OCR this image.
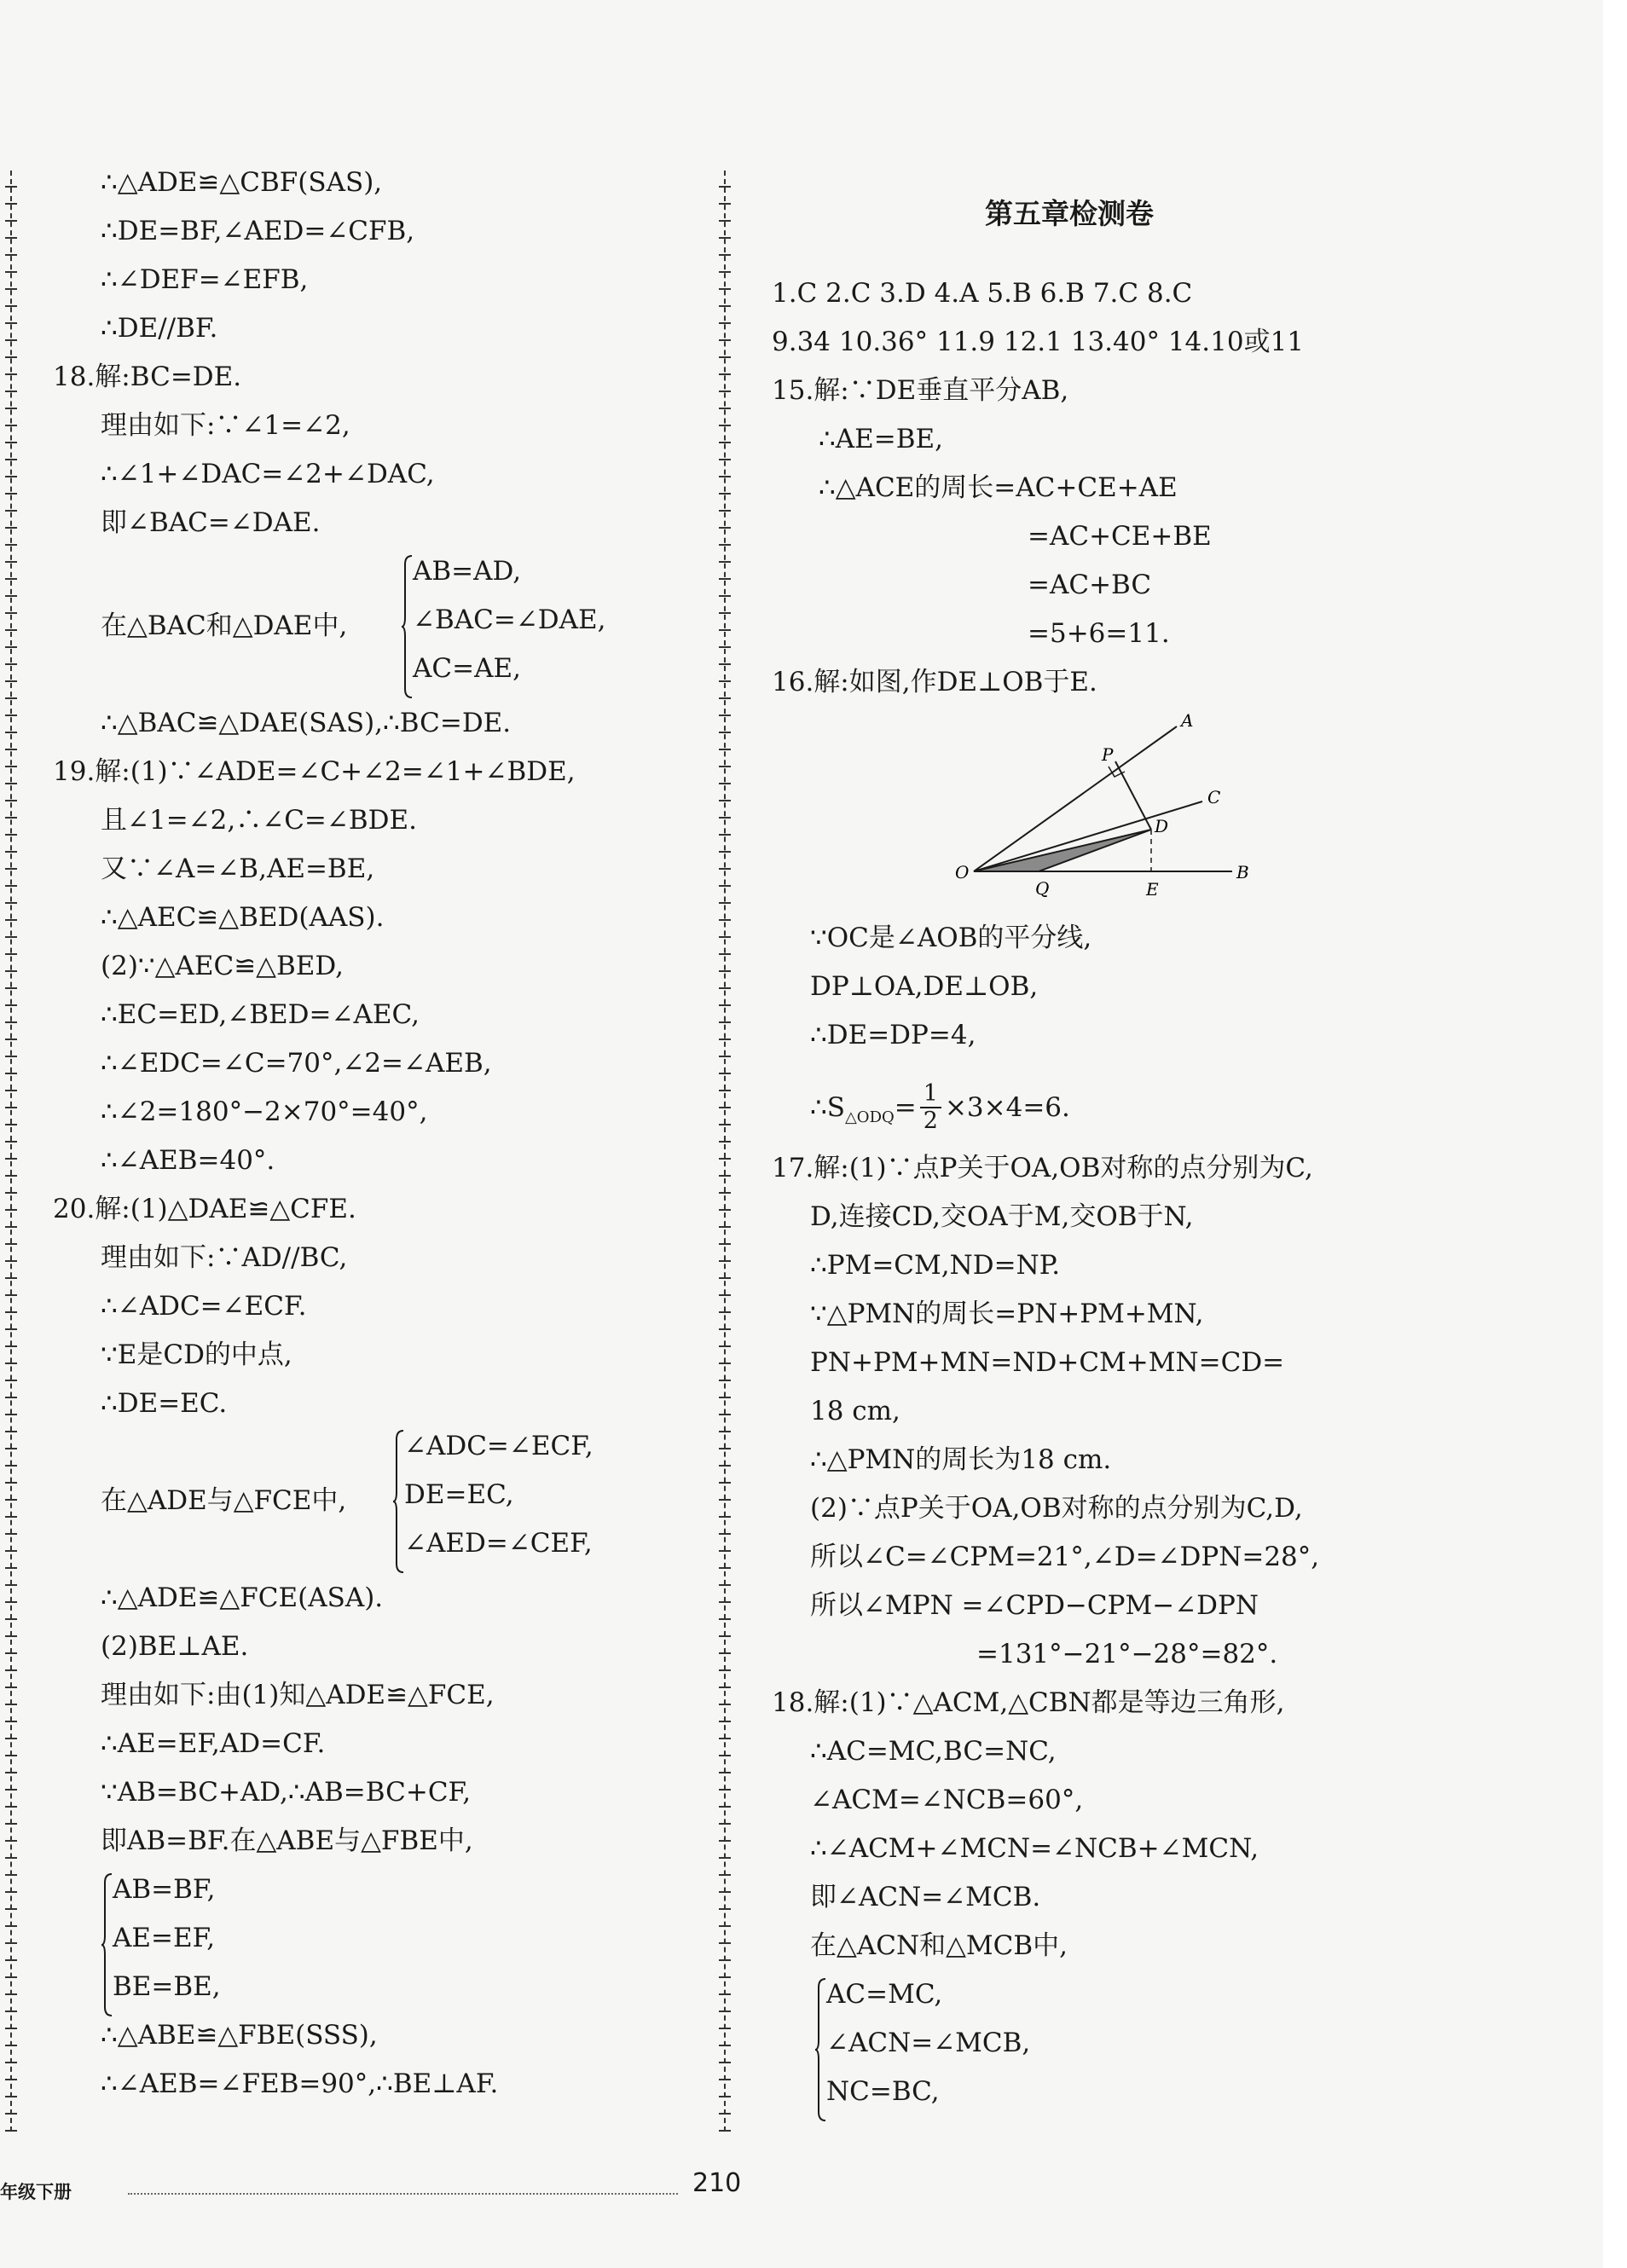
∴△ADE≌△CBF(SAS),
∴DE=BF,∠AED=∠CFB,
∴∠DEF=∠EFB,
∴DE//BF.
18.解:BC=DE.
理由如下:∵∠1=∠2,
∴∠1+∠DAC=∠2+∠DAC,
即∠BAC=∠DAE.
在△BAC和△DAE中,
AB=AD,
∠BAC=∠DAE,
AC=AE,
∴△BAC≌△DAE(SAS),∴BC=DE.
19.解:(1)∵∠ADE=∠C+∠2=∠1+∠BDE,
且∠1=∠2,∴∠C=∠BDE.
又∵∠A=∠B,AE=BE,
∴△AEC≌△BED(AAS).
(2)∵△AEC≌△BED,
∴EC=ED,∠BED=∠AEC,
∴∠EDC=∠C=70°,∠2=∠AEB,
∴∠2=180°−2×70°=40°,
∴∠AEB=40°.
20.解:(1)△DAE≌△CFE.
理由如下:∵AD//BC,
∴∠ADC=∠ECF.
∵E是CD的中点,
∴DE=EC.
在△ADE与△FCE中,
∠ADC=∠ECF,
DE=EC,
∠AED=∠CEF,
∴△ADE≌△FCE(ASA).
(2)BE⊥AE.
理由如下:由(1)知△ADE≌△FCE,
∴AE=EF,AD=CF.
∵AB=BC+AD,∴AB=BC+CF,
即AB=BF.在△ABE与△FBE中,
AB=BF,
AE=EF,
BE=BE,
∴△ABE≌△FBE(SSS),
∴∠AEB=∠FEB=90°,∴BE⊥AF.
第五章检测卷
1.C 2.C 3.D 4.A 5.B 6.B 7.C 8.C
9.34 10.36° 11.9 12.1 13.40° 14.10或11
15.解:∵DE垂直平分AB,
∴AE=BE,
∴△ACE的周长=AC+CE+AE
=AC+CE+BE
=AC+BC
=5+6=11.
16.解:如图,作DE⊥OB于E.
A
P
C
D
O
Q	E
B
∵OC是∠AOB的平分线,
DP⊥OA,DE⊥OB,
∴DE=DP=4,
$\therefore S_{\triangle ODQ}= \frac{1}{2} \times 3\times 4=6$.
17.解:(1)∵点P关于OA,OB对称的点分别为C,
D,连接CD,交OA于M,交OB于N,
∴PM=CM,ND=NP.
∵△PMN的周长=PN+PM+MN,
PN+PM+MN=ND+CM+MN=CD=
18 cm,
∴△PMN的周长为18 cm.
(2)∵点P关于OA,OB对称的点分别为C,D,
所以∠C=∠CPM=21°,∠D=∠DPN=28°,
所以∠MPN =∠CPD−CPM−∠DPN
=131°−21°−28°=82°.
18.解:(1)∵△ACM,△CBN都是等边三角形,
∴AC=MC,BC=NC,
∠ACM=∠NCB=60°,
∴∠ACM+∠MCN=∠NCB+∠MCN,
即∠ACN=∠MCB.
在△ACN和△MCB中,
AC=MC,
∠ACN=∠MCB,
NC=BC,
年级下册	210
